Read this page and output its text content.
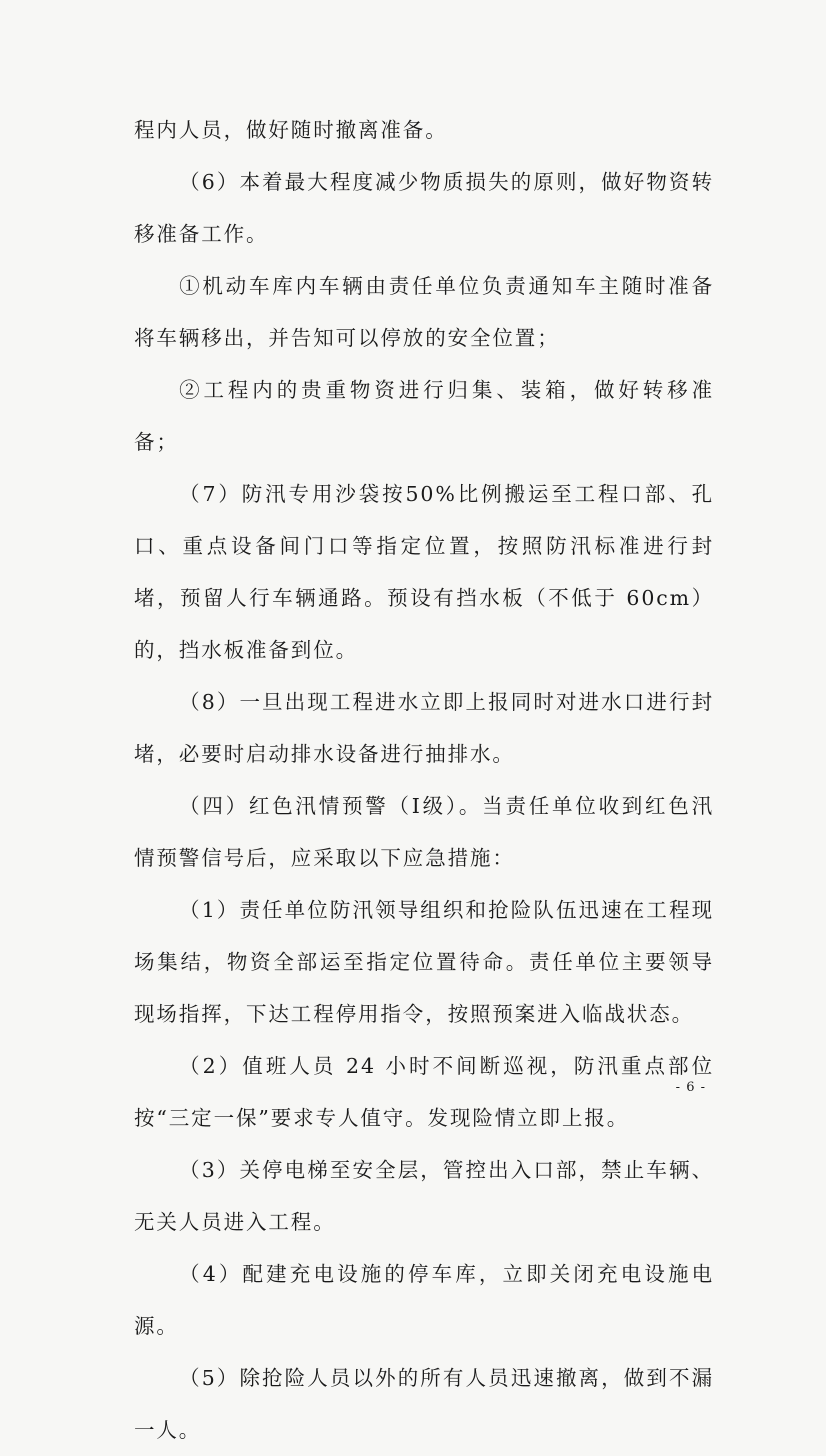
程内人员，做好随时撤离准备。

（6）本着最大程度减少物质损失的原则，做好物资转移准备工作。

①机动车库内车辆由责任单位负责通知车主随时准备将车辆移出，并告知可以停放的安全位置；

②工程内的贵重物资进行归集、装箱，做好转移准备；

（7）防汛专用沙袋按50%比例搬运至工程口部、孔口、重点设备间门口等指定位置，按照防汛标准进行封堵，预留人行车辆通路。预设有挡水板（不低于 60cm）的，挡水板准备到位。

（8）一旦出现工程进水立即上报同时对进水口进行封堵，必要时启动排水设备进行抽排水。

（四）红色汛情预警（Ⅰ级）。当责任单位收到红色汛情预警信号后，应采取以下应急措施：

（1）责任单位防汛领导组织和抢险队伍迅速在工程现场集结，物资全部运至指定位置待命。责任单位主要领导现场指挥，下达工程停用指令，按照预案进入临战状态。

（2）值班人员 24 小时不间断巡视，防汛重点部位按“三定一保”要求专人值守。发现险情立即上报。

（3）关停电梯至安全层，管控出入口部，禁止车辆、无关人员进入工程。

（4）配建充电设施的停车库，立即关闭充电设施电源。

（5）除抢险人员以外的所有人员迅速撤离，做到不漏一人。

- 6 -
